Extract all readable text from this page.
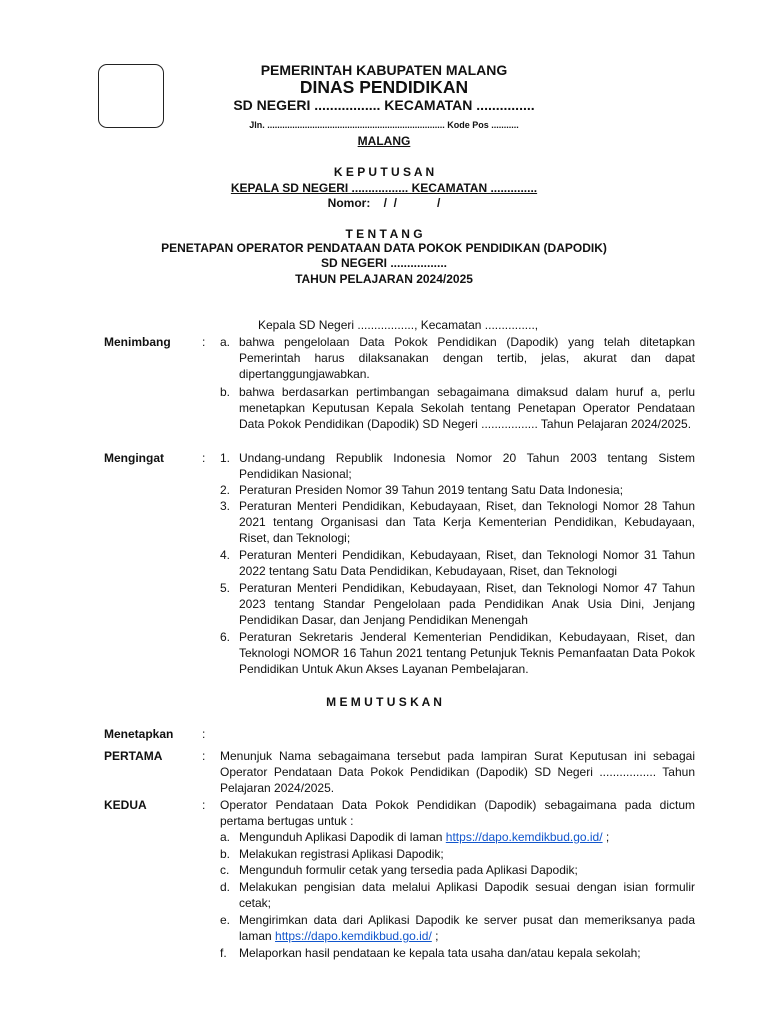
PEMERINTAH KABUPATEN MALANG
DINAS PENDIDIKAN
SD NEGERI ................. KECAMATAN ...............
Jln. ....................................................................... Kode Pos ...........
MALANG
K E P U T U S A N
KEPALA SD NEGERI ................. KECAMATAN ..............
Nomor:    /  /            /
T E N T A N G
PENETAPAN OPERATOR PENDATAAN DATA POKOK PENDIDIKAN (DAPODIK)
SD NEGERI .................
TAHUN PELAJARAN 2024/2025
Kepala SD Negeri ................., Kecamatan ...............,
Menimbang	: a. bahwa pengelolaan Data Pokok Pendidikan (Dapodik) yang telah ditetapkan Pemerintah harus dilaksanakan dengan tertib, jelas, akurat dan dapat dipertanggungjawabkan.
b. bahwa berdasarkan pertimbangan sebagaimana dimaksud dalam huruf a, perlu menetapkan Keputusan Kepala Sekolah tentang Penetapan Operator Pendataan Data Pokok Pendidikan (Dapodik) SD Negeri ................. Tahun Pelajaran 2024/2025.
Mengingat	: 1. Undang-undang Republik Indonesia Nomor 20 Tahun 2003 tentang Sistem Pendidikan Nasional;
2. Peraturan Presiden Nomor 39 Tahun 2019 tentang Satu Data Indonesia;
3. Peraturan Menteri Pendidikan, Kebudayaan, Riset, dan Teknologi Nomor 28 Tahun 2021 tentang Organisasi dan Tata Kerja Kementerian Pendidikan, Kebudayaan, Riset, dan Teknologi;
4. Peraturan Menteri Pendidikan, Kebudayaan, Riset, dan Teknologi Nomor 31 Tahun 2022 tentang Satu Data Pendidikan, Kebudayaan, Riset, dan Teknologi
5. Peraturan Menteri Pendidikan, Kebudayaan, Riset, dan Teknologi Nomor 47 Tahun 2023 tentang Standar Pengelolaan pada Pendidikan Anak Usia Dini, Jenjang Pendidikan Dasar, dan Jenjang Pendidikan Menengah
6. Peraturan Sekretaris Jenderal Kementerian Pendidikan, Kebudayaan, Riset, dan Teknologi NOMOR 16 Tahun 2021 tentang Petunjuk Teknis Pemanfaatan Data Pokok Pendidikan Untuk Akun Akses Layanan Pembelajaran.
M E M U T U S K A N
Menetapkan :
PERTAMA	: Menunjuk Nama sebagaimana tersebut pada lampiran Surat Keputusan ini sebagai Operator Pendataan Data Pokok Pendidikan (Dapodik) SD Negeri ................. Tahun Pelajaran 2024/2025.
KEDUA	: Operator Pendataan Data Pokok Pendidikan (Dapodik) sebagaimana pada dictum pertama bertugas untuk :
a. Mengunduh Aplikasi Dapodik di laman https://dapo.kemdikbud.go.id/ ;
b. Melakukan registrasi Aplikasi Dapodik;
c. Mengunduh formulir cetak yang tersedia pada Aplikasi Dapodik;
d. Melakukan pengisian data melalui Aplikasi Dapodik sesuai dengan isian formulir cetak;
e. Mengirimkan data dari Aplikasi Dapodik ke server pusat dan memeriksanya pada laman https://dapo.kemdikbud.go.id/ ;
f. Melaporkan hasil pendataan ke kepala tata usaha dan/atau kepala sekolah;
